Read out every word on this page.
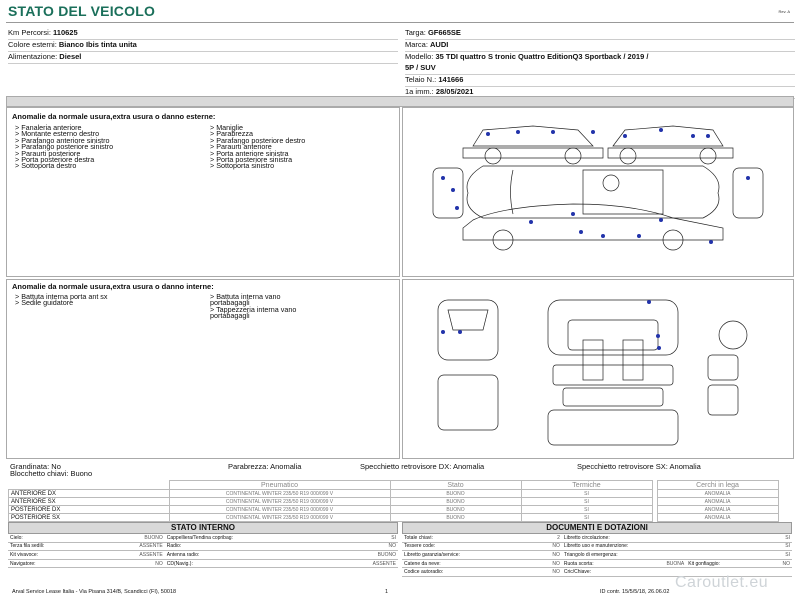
STATO DEL VEICOLO	Rev. A
Km Percorsi: 110625
Colore esterni: Bianco Ibis tinta unita
Alimentazione: Diesel
Targa: GF665SE
Marca: AUDI
Modello: 35 TDI quattro S tronic Quattro EditionQ3 Sportback / 2019 /
5P / SUV
Telaio N.: 141666
1a imm.: 28/05/2021
Anomalie da normale usura,extra usura o danno esterne:
> Fanaleria anteriore
> Montante esterno destro
> Parafango anteriore sinistro
> Parafango posteriore sinistro
> Paraurti posteriore
> Porta posteriore destra
> Sottoporta destro
> Maniglie
> Parabrezza
> Parafango posteriore destro
> Paraurti anteriore
> Porta anteriore sinistra
> Porta posteriore sinistra
> Sottoporta sinistro
Anomalie da normale usura,extra usura o danno interne:
> Battuta interna porta ant sx
> Sedile guidatore
> Battuta interna vano
portabagagli
> Tappezzeria interna vano
portabagagli
Grandinata: No	Parabrezza: Anomalia	Specchietto retrovisore DX: Anomalia	Specchietto retrovisore SX: Anomalia
Blocchetto chiavi: Buono
	Pneumatico	Stato	Termiche		Cerchi in lega
ANTERIORE DX	CONTINENTAL WINTER 235/50 R19 000/099 V	BUONO	SI		ANOMALIA
ANTERIORE SX	CONTINENTAL WINTER 235/50 R19 000/099 V	BUONO	SI		ANOMALIA
POSTERIORE DX	CONTINENTAL WINTER 235/50 R19 000/099 V	BUONO	SI		ANOMALIA
POSTERIORE SX	CONTINENTAL WINTER 235/50 R19 000/099 V	BUONO	SI		ANOMALIA
STATO INTERNO
Cielo:	BUONO	Cappelliera/Tendina copribag:	SI
Terza fila sedili:	ASSENTE	Radio:	NO
Kit vivavoce:	ASSENTE	Antenna radio:	BUONO
Navigatore:	NO	CD(Navig.):	ASSENTE
DOCUMENTI E DOTAZIONI
Totale chiavi:	2	Libretto circolazione:			SI
Tessere code:	NO	Libretto uso e manutenzione:			SI
Libretto garanzia/service:	NO	Triangolo di emergenza:			SI
Catene da neve:	NO	Ruota scorta:	BUONA	Kit gonfiaggio:	NO
Codice autoradio:	NO	Cric/Chiave:			
Arval Service Lease Italia - Via Pisana 314/B, Scandicci (FI), 50018	1	ID contr. 15/5/5/18, 26.06.02
Caroutlet.eu
